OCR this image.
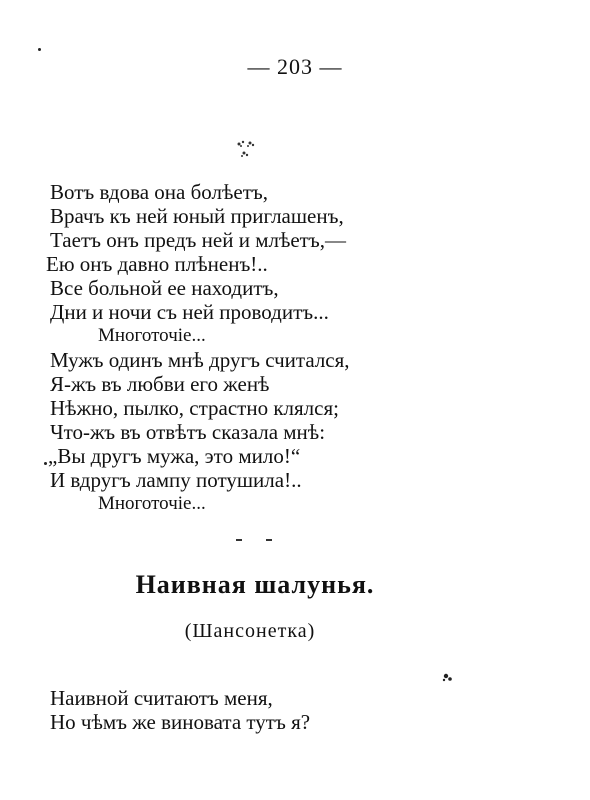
— 203 —
Вотъ вдова она болѣетъ,
Врачъ къ ней юный приглашенъ,
Таетъ онъ предъ ней и млѣетъ,—
Ею онъ давно плѣненъ!..
Все больной ее находитъ,
Дни и ночи съ ней проводитъ...
Многоточіе...
Мужъ одинъ мнѣ другъ считался,
Я-жъ въ любви его женѣ
Нѣжно, пылко, страстно клялся;
Что-жъ въ отвѣтъ сказала мнѣ:
„Вы другъ мужа, это мило!“
И вдругъ лампу потушила!..
Многоточіе...
Наивная шалунья.
(Шансонетка)
Наивной считаютъ меня,
Но чѣмъ же виновата тутъ я?
